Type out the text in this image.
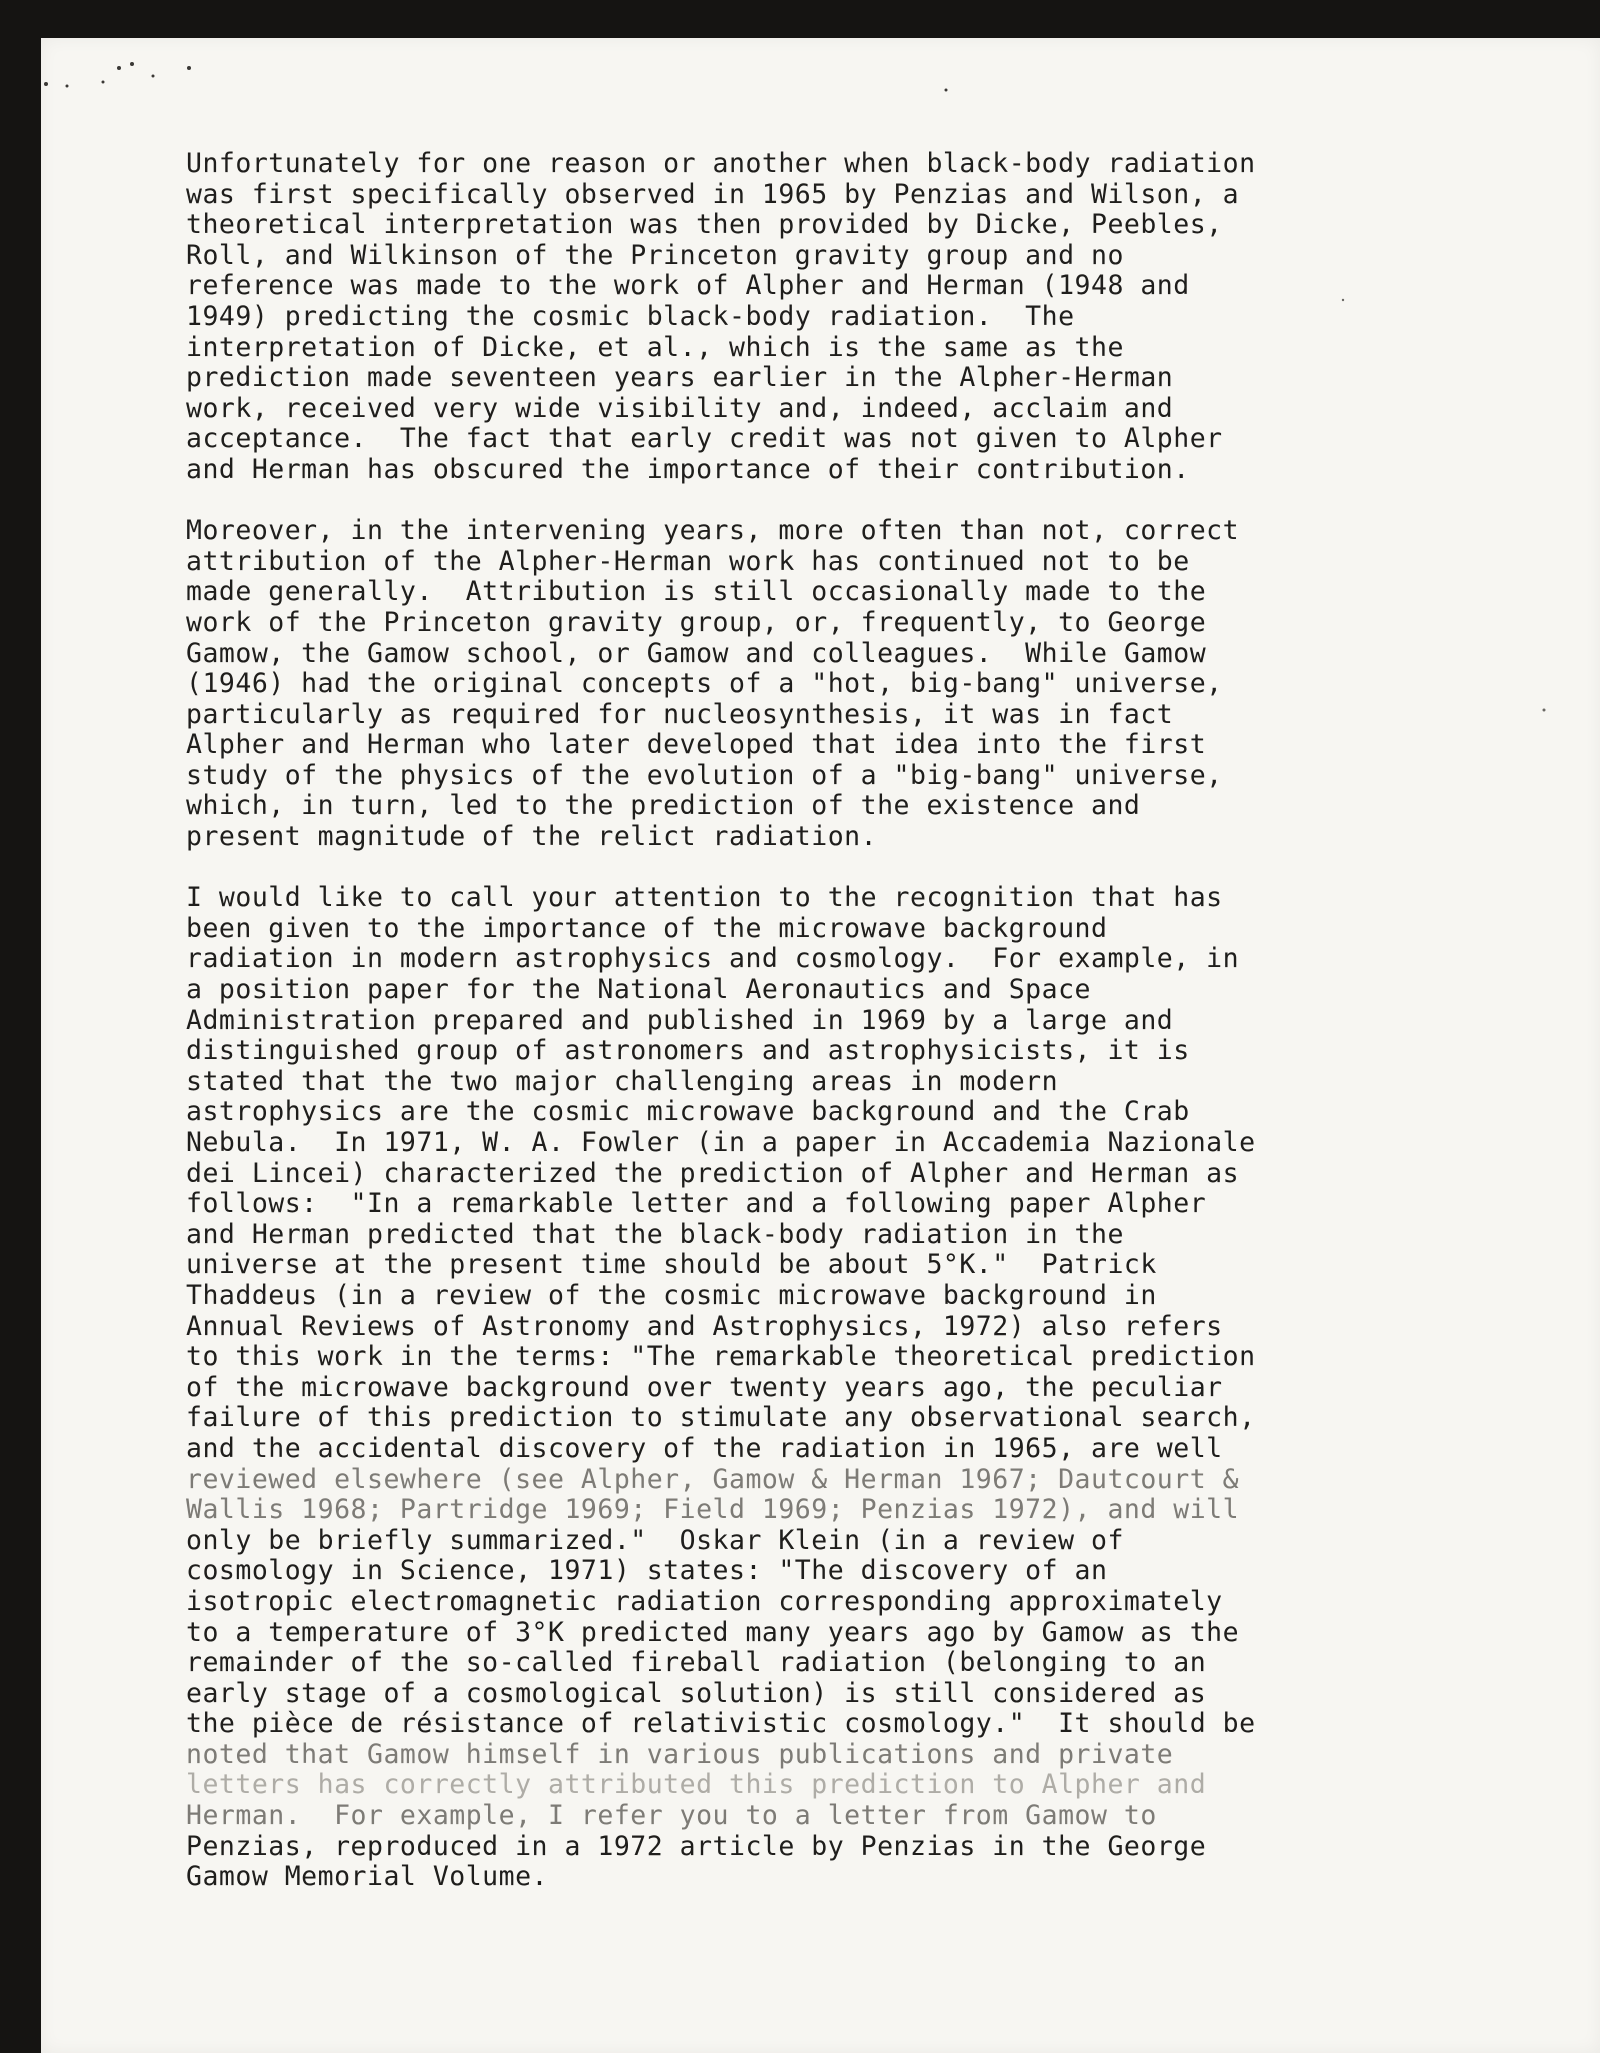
Unfortunately for one reason or another when black-body radiation
was first specifically observed in 1965 by Penzias and Wilson, a
theoretical interpretation was then provided by Dicke, Peebles,
Roll, and Wilkinson of the Princeton gravity group and no
reference was made to the work of Alpher and Herman (1948 and
1949) predicting the cosmic black-body radiation.  The
interpretation of Dicke, et al., which is the same as the
prediction made seventeen years earlier in the Alpher-Herman
work, received very wide visibility and, indeed, acclaim and
acceptance.  The fact that early credit was not given to Alpher
and Herman has obscured the importance of their contribution.
Moreover, in the intervening years, more often than not, correct
attribution of the Alpher-Herman work has continued not to be
made generally.  Attribution is still occasionally made to the
work of the Princeton gravity group, or, frequently, to George
Gamow, the Gamow school, or Gamow and colleagues.  While Gamow
(1946) had the original concepts of a "hot, big-bang" universe,
particularly as required for nucleosynthesis, it was in fact
Alpher and Herman who later developed that idea into the first
study of the physics of the evolution of a "big-bang" universe,
which, in turn, led to the prediction of the existence and
present magnitude of the relict radiation.
I would like to call your attention to the recognition that has
been given to the importance of the microwave background
radiation in modern astrophysics and cosmology.  For example, in
a position paper for the National Aeronautics and Space
Administration prepared and published in 1969 by a large and
distinguished group of astronomers and astrophysicists, it is
stated that the two major challenging areas in modern
astrophysics are the cosmic microwave background and the Crab
Nebula.  In 1971, W. A. Fowler (in a paper in Accademia Nazionale
dei Lincei) characterized the prediction of Alpher and Herman as
follows:  "In a remarkable letter and a following paper Alpher
and Herman predicted that the black-body radiation in the
universe at the present time should be about 5°K."  Patrick
Thaddeus (in a review of the cosmic microwave background in
Annual Reviews of Astronomy and Astrophysics, 1972) also refers
to this work in the terms: "The remarkable theoretical prediction
of the microwave background over twenty years ago, the peculiar
failure of this prediction to stimulate any observational search,
and the accidental discovery of the radiation in 1965, are well
reviewed elsewhere (see Alpher, Gamow & Herman 1967; Dautcourt &
Wallis 1968; Partridge 1969; Field 1969; Penzias 1972), and will
only be briefly summarized."  Oskar Klein (in a review of
cosmology in Science, 1971) states: "The discovery of an
isotropic electromagnetic radiation corresponding approximately
to a temperature of 3°K predicted many years ago by Gamow as the
remainder of the so-called fireball radiation (belonging to an
early stage of a cosmological solution) is still considered as
the pièce de résistance of relativistic cosmology."  It should be
noted that Gamow himself in various publications and private
letters has correctly attributed this prediction to Alpher and
Herman.  For example, I refer you to a letter from Gamow to
Penzias, reproduced in a 1972 article by Penzias in the George
Gamow Memorial Volume.
